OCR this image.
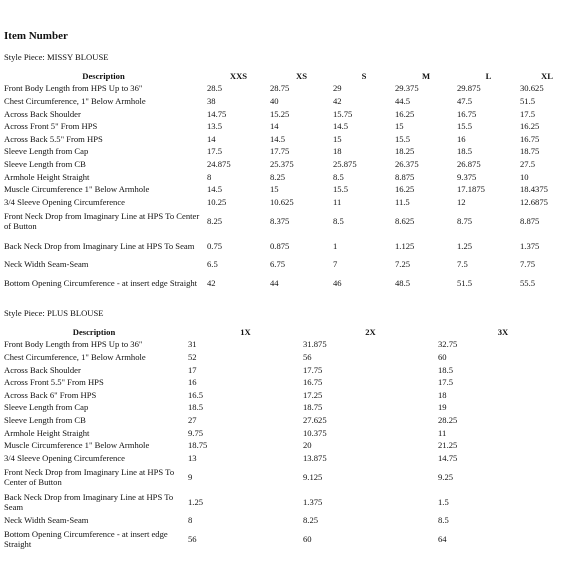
Item Number
Style Piece: MISSY BLOUSE
Description	XXS	XS	S	M	L	XL
Front Body Length from HPS Up to 36"	28.5	28.75	29	29.375	29.875	30.625
Chest Circumference, 1" Below Armhole	38	40	42	44.5	47.5	51.5
Across Back Shoulder	14.75	15.25	15.75	16.25	16.75	17.5
Across Front 5" From HPS	13.5	14	14.5	15	15.5	16.25
Across Back 5.5" From HPS	14	14.5	15	15.5	16	16.75
Sleeve Length from Cap	17.5	17.75	18	18.25	18.5	18.75
Sleeve Length from CB	24.875	25.375	25.875	26.375	26.875	27.5
Armhole Height Straight	8	8.25	8.5	8.875	9.375	10
Muscle Circumference 1" Below Armhole	14.5	15	15.5	16.25	17.1875	18.4375
3/4 Sleeve Opening Circumference	10.25	10.625	11	11.5	12	12.6875
Front Neck Drop from Imaginary Line at HPS To Center of Button	8.25	8.375	8.5	8.625	8.75	8.875
Back Neck Drop from Imaginary Line at HPS To Seam	0.75	0.875	1	1.125	1.25	1.375
Neck Width Seam-Seam	6.5	6.75	7	7.25	7.5	7.75
Bottom Opening Circumference - at insert edge Straight	42	44	46	48.5	51.5	55.5
Style Piece: PLUS BLOUSE
Description	1X	2X	3X
Front Body Length from HPS Up to 36"	31	31.875	32.75
Chest Circumference, 1" Below Armhole	52	56	60
Across Back Shoulder	17	17.75	18.5
Across Front 5.5" From HPS	16	16.75	17.5
Across Back 6" From HPS	16.5	17.25	18
Sleeve Length from Cap	18.5	18.75	19
Sleeve Length from CB	27	27.625	28.25
Armhole Height Straight	9.75	10.375	11
Muscle Circumference 1" Below Armhole	18.75	20	21.25
3/4 Sleeve Opening Circumference	13	13.875	14.75
Front Neck Drop from Imaginary Line at HPS To Center of Button	9	9.125	9.25
Back Neck Drop from Imaginary Line at HPS To Seam	1.25	1.375	1.5
Neck Width Seam-Seam	8	8.25	8.5
Bottom Opening Circumference - at insert edge Straight	56	60	64
